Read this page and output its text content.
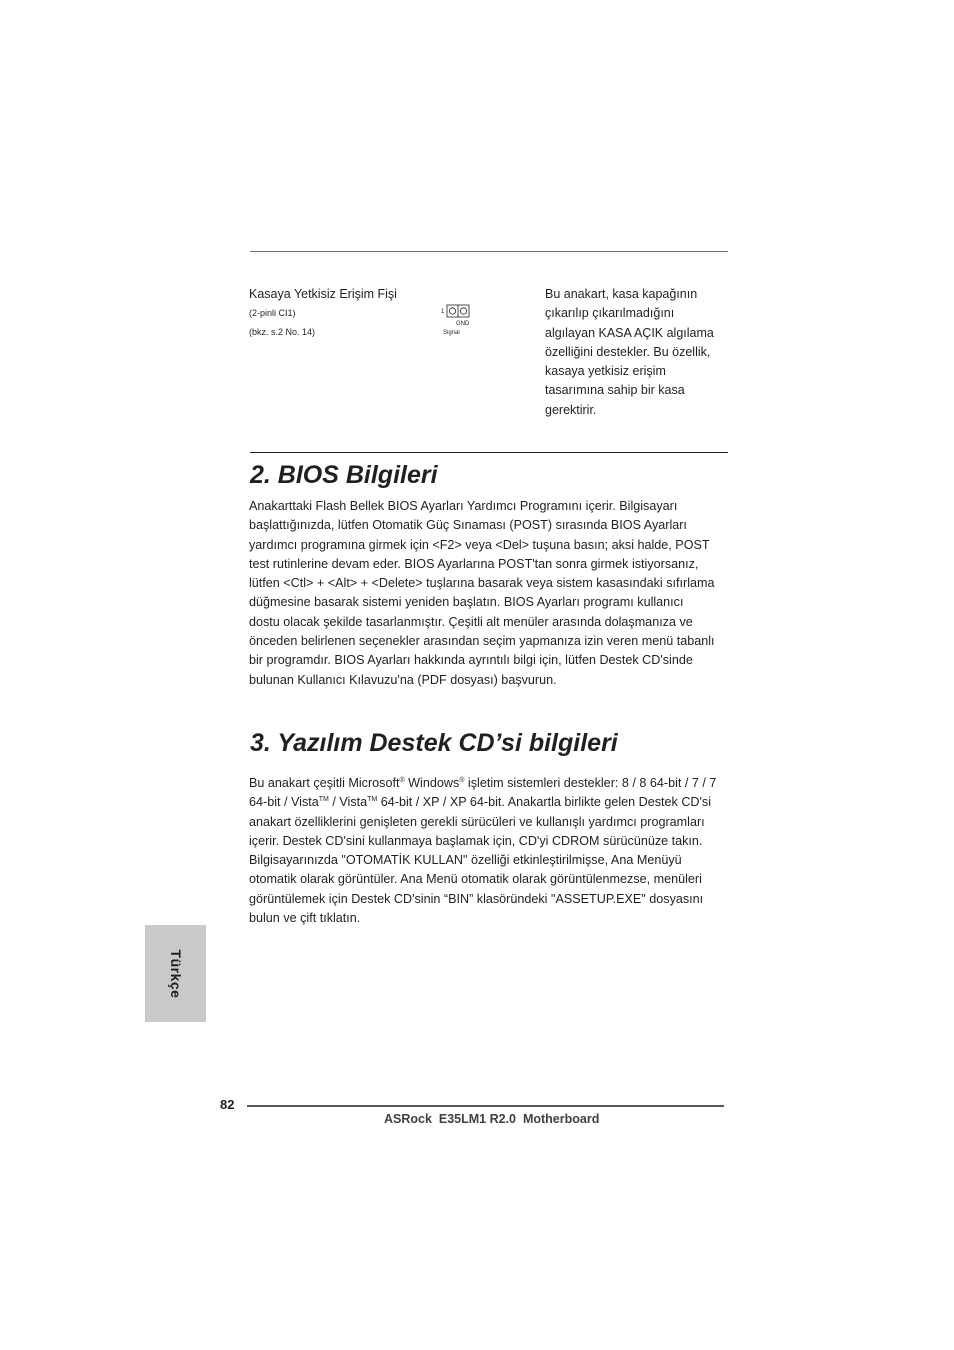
Kasaya Yetkisiz Erişim Fişi
(2-pinli CI1)
(bkz. s.2 No. 14)
1
GND
Signal
Bu anakart, kasa kapağının
çıkarılıp çıkarılmadığını
algılayan KASA AÇIK algılama
özelliğini destekler. Bu özellik,
kasaya yetkisiz erişim
tasarımına sahip bir kasa
gerektirir.
2. BIOS Bilgileri

Anakarttaki Flash Bellek BIOS Ayarları Yardımcı Programını içerir. Bilgisayarı

başlattığınızda, lütfen Otomatik Güç Sınaması (POST) sırasında BIOS Ayarları

yardımcı programına girmek için <F2> veya <Del> tuşuna basın; aksi halde, POST

test rutinlerine devam eder. BIOS Ayarlarına POST'tan sonra girmek istiyorsanız,

lütfen <Ctl> + <Alt> + <Delete> tuşlarına basarak veya sistem kasasındaki sıfırlama

düğmesine basarak sistemi yeniden başlatın. BIOS Ayarları programı kullanıcı

dostu olacak şekilde tasarlanmıştır. Çeşitli alt menüler arasında dolaşmanıza ve

önceden belirlenen seçenekler arasından seçim yapmanıza izin veren menü tabanlı

bir programdır. BIOS Ayarları hakkında ayrıntılı bilgi için, lütfen Destek CD'sinde

bulunan Kullanıcı Kılavuzu'na (PDF dosyası) başvurun.

3. Yazılım Destek CD’si bilgileri

Bu anakart çeşitli Microsoft® Windows® işletim sistemleri destekler: 8 / 8 64-bit / 7 / 7

64-bit / Vista™ / Vista™ 64-bit / XP / XP 64-bit. Anakartla birlikte gelen Destek CD'si

anakart özelliklerini genişleten gerekli sürücüleri ve kullanışlı yardımcı programları

içerir. Destek CD'sini kullanmaya başlamak için, CD'yi CDROM sürücünüze takın.

Bilgisayarınızda "OTOMATİK KULLAN" özelliği etkinleştirilmişse, Ana Menüyü

otomatik olarak görüntüler. Ana Menü otomatik olarak görüntülenmezse, menüleri

görüntülemek için Destek CD'sinin “BIN” klasöründeki "ASSETUP.EXE" dosyasını

bulun ve çift tıklatın.

Türkçe
82
ASRock  E35LM1 R2.0  Motherboard
